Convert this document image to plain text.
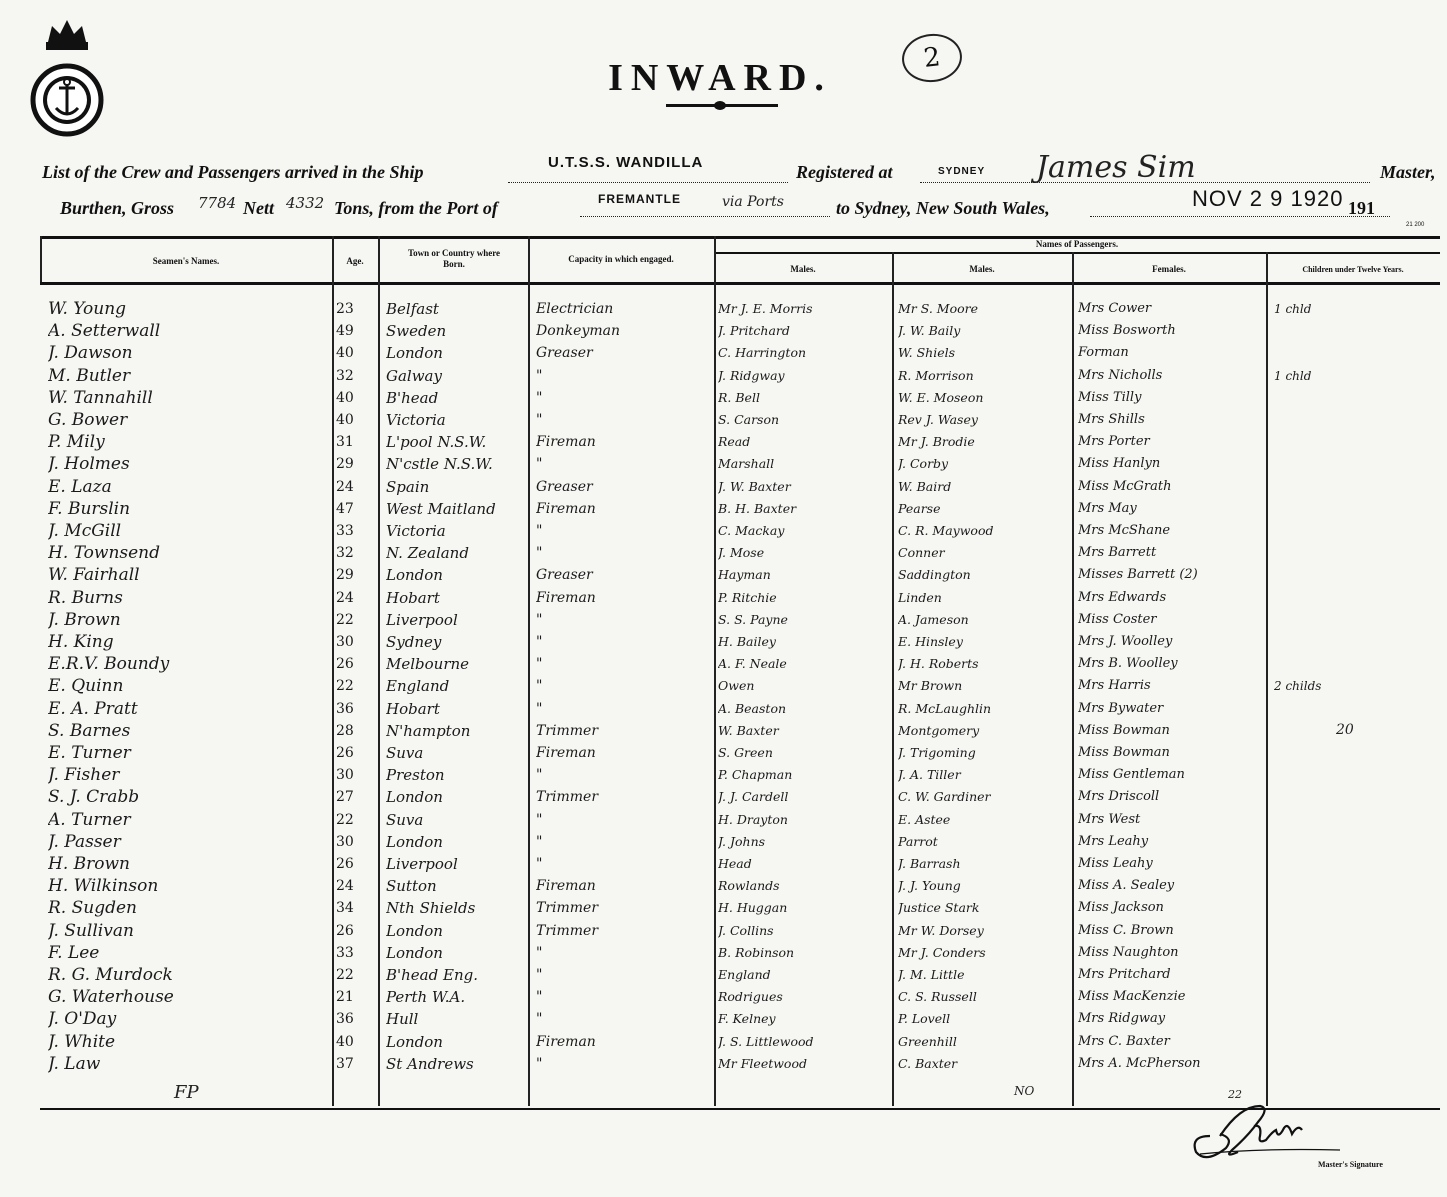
2
INWARD.
List of the Crew and Passengers arrived in the Ship	U.T.S.S. WANDILLA	Registered at	SYDNEY James Sim	Master,
Burthen, Gross 7784 Nett 4332 Tons, from the Port of	FREMANTLE	via Ports	to Sydney, New South Wales,	NOV 2 9 1920 191
21 200
Seamen's Names.	Age.
Town or Country where Born.	Capacity in which engaged.
Names of Passengers.
Males.	Males.	Females.	Children under Twelve Years.
W. Young	23	Belfast	Electrician	Mr J. E. Morris	Mr S. Moore	Mrs Cower	1 chld
A. Setterwall	49	Sweden	Donkeyman	J. Pritchard	J. W. Baily	Miss Bosworth
J. Dawson	40	London	Greaser	C. Harrington	W. Shiels	Forman
M. Butler	32	Galway	"	J. Ridgway	R. Morrison	Mrs Nicholls	1 chld
W. Tannahill	40	B'head	"	R. Bell	W. E. Moseon	Miss Tilly
G. Bower	40	Victoria	"	S. Carson	Rev J. Wasey	Mrs Shills
P. Mily	31	L'pool N.S.W.	Fireman	Read	Mr J. Brodie	Mrs Porter
J. Holmes	29	N'cstle N.S.W.	"	Marshall	J. Corby	Miss Hanlyn
E. Laza	24	Spain	Greaser	J. W. Baxter	W. Baird	Miss McGrath
F. Burslin	47	West Maitland	Fireman	B. H. Baxter	Pearse	Mrs May
J. McGill	33	Victoria	"	C. Mackay	C. R. Maywood	Mrs McShane
H. Townsend	32	N. Zealand	"	J. Mose	Conner	Mrs Barrett
W. Fairhall	29	London	Greaser	Hayman	Saddington	Misses Barrett (2)
R. Burns	24	Hobart	Fireman	P. Ritchie	Linden	Mrs Edwards
J. Brown	22	Liverpool	"	S. S. Payne	A. Jameson	Miss Coster
H. King	30	Sydney	"	H. Bailey	E. Hinsley	Mrs J. Woolley
E.R.V. Boundy	26	Melbourne	"	A. F. Neale	J. H. Roberts	Mrs B. Woolley
E. Quinn	22	England	"	Owen	Mr Brown	Mrs Harris	2 childs
E. A. Pratt	36	Hobart	"	A. Beaston	R. McLaughlin	Mrs Bywater
S. Barnes	28	N'hampton	Trimmer	W. Baxter	Montgomery	Miss Bowman
E. Turner	26	Suva	Fireman	S. Green	J. Trigoming	Miss Bowman
J. Fisher	30	Preston	"	P. Chapman	J. A. Tiller	Miss Gentleman
S. J. Crabb	27	London	Trimmer	J. J. Cardell	C. W. Gardiner	Mrs Driscoll
A. Turner	22	Suva	"	H. Drayton	E. Astee	Mrs West
J. Passer	30	London	"	J. Johns	Parrot	Mrs Leahy
H. Brown	26	Liverpool	"	Head	J. Barrash	Miss Leahy
H. Wilkinson	24	Sutton	Fireman	Rowlands	J. J. Young	Miss A. Sealey
R. Sugden	34	Nth Shields	Trimmer	H. Huggan	Justice Stark	Miss Jackson
J. Sullivan	26	London	Trimmer	J. Collins	Mr W. Dorsey	Miss C. Brown
F. Lee	33	London	"	B. Robinson	Mr J. Conders	Miss Naughton
R. G. Murdock	22	B'head Eng.	"	England	J. M. Little	Mrs Pritchard
G. Waterhouse	21	Perth W.A.	"	Rodrigues	C. S. Russell	Miss MacKenzie
J. O'Day	36	Hull	"	F. Kelney	P. Lovell	Mrs Ridgway
J. White	40	London	Fireman	J. S. Littlewood	Greenhill	Mrs C. Baxter
J. Law	37	St Andrews	"	Mr Fleetwood	C. Baxter	Mrs A. McPherson
20
FP	NO	22
Master's Signature
